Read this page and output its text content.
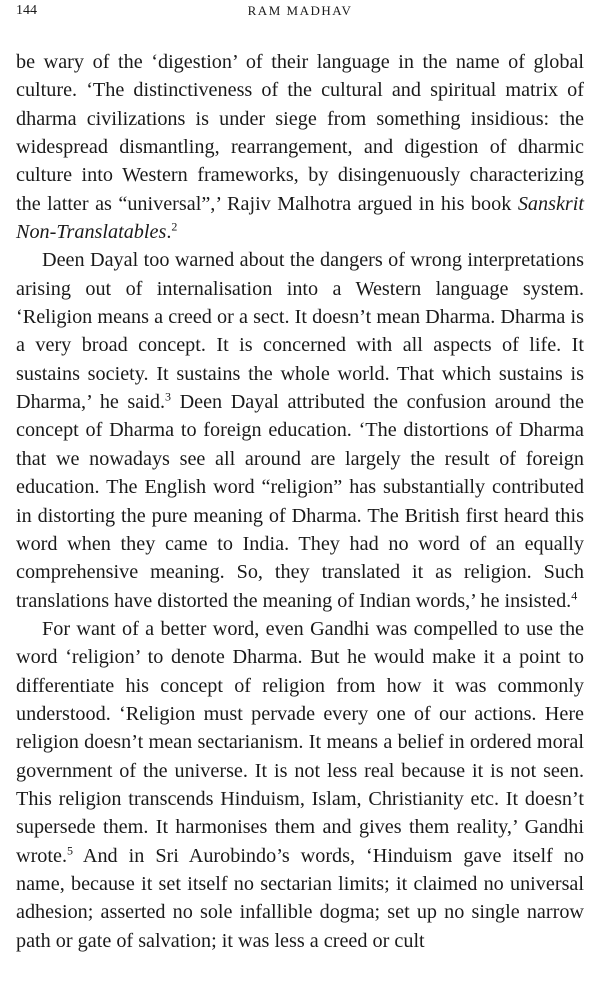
144	RAM MADHAV

be wary of the ‘digestion’ of their language in the name of global culture. ‘The distinctiveness of the cultural and spiritual matrix of dharma civilizations is under siege from something insidious: the widespread dismantling, rearrangement, and digestion of dharmic culture into Western frameworks, by disingenuously characterizing the latter as “universal”,’ Rajiv Malhotra argued in his book Sanskrit Non-Translatables.$^2$

Deen Dayal too warned about the dangers of wrong interpretations arising out of internalisation into a Western language system. ‘Religion means a creed or a sect. It doesn’t mean Dharma. Dharma is a very broad concept. It is concerned with all aspects of life. It sustains society. It sustains the whole world. That which sustains is Dharma,’ he said.$^3$ Deen Dayal attributed the confusion around the concept of Dharma to foreign education. ‘The distortions of Dharma that we nowadays see all around are largely the result of foreign education. The English word “religion” has substantially contributed in distorting the pure meaning of Dharma. The British first heard this word when they came to India. They had no word of an equally comprehensive meaning. So, they translated it as religion. Such translations have distorted the meaning of Indian words,’ he insisted.$^4$

For want of a better word, even Gandhi was compelled to use the word ‘religion’ to denote Dharma. But he would make it a point to differentiate his concept of religion from how it was commonly understood. ‘Religion must pervade every one of our actions. Here religion doesn’t mean sectarianism. It means a belief in ordered moral government of the universe. It is not less real because it is not seen. This religion transcends Hinduism, Islam, Christianity etc. It doesn’t supersede them. It harmonises them and gives them reality,’ Gandhi wrote.$^5$ And in Sri Aurobindo’s words, ‘Hinduism gave itself no name, because it set itself no sectarian limits; it claimed no universal adhesion; asserted no sole infallible dogma; set up no single narrow path or gate of salvation; it was less a creed or cult
